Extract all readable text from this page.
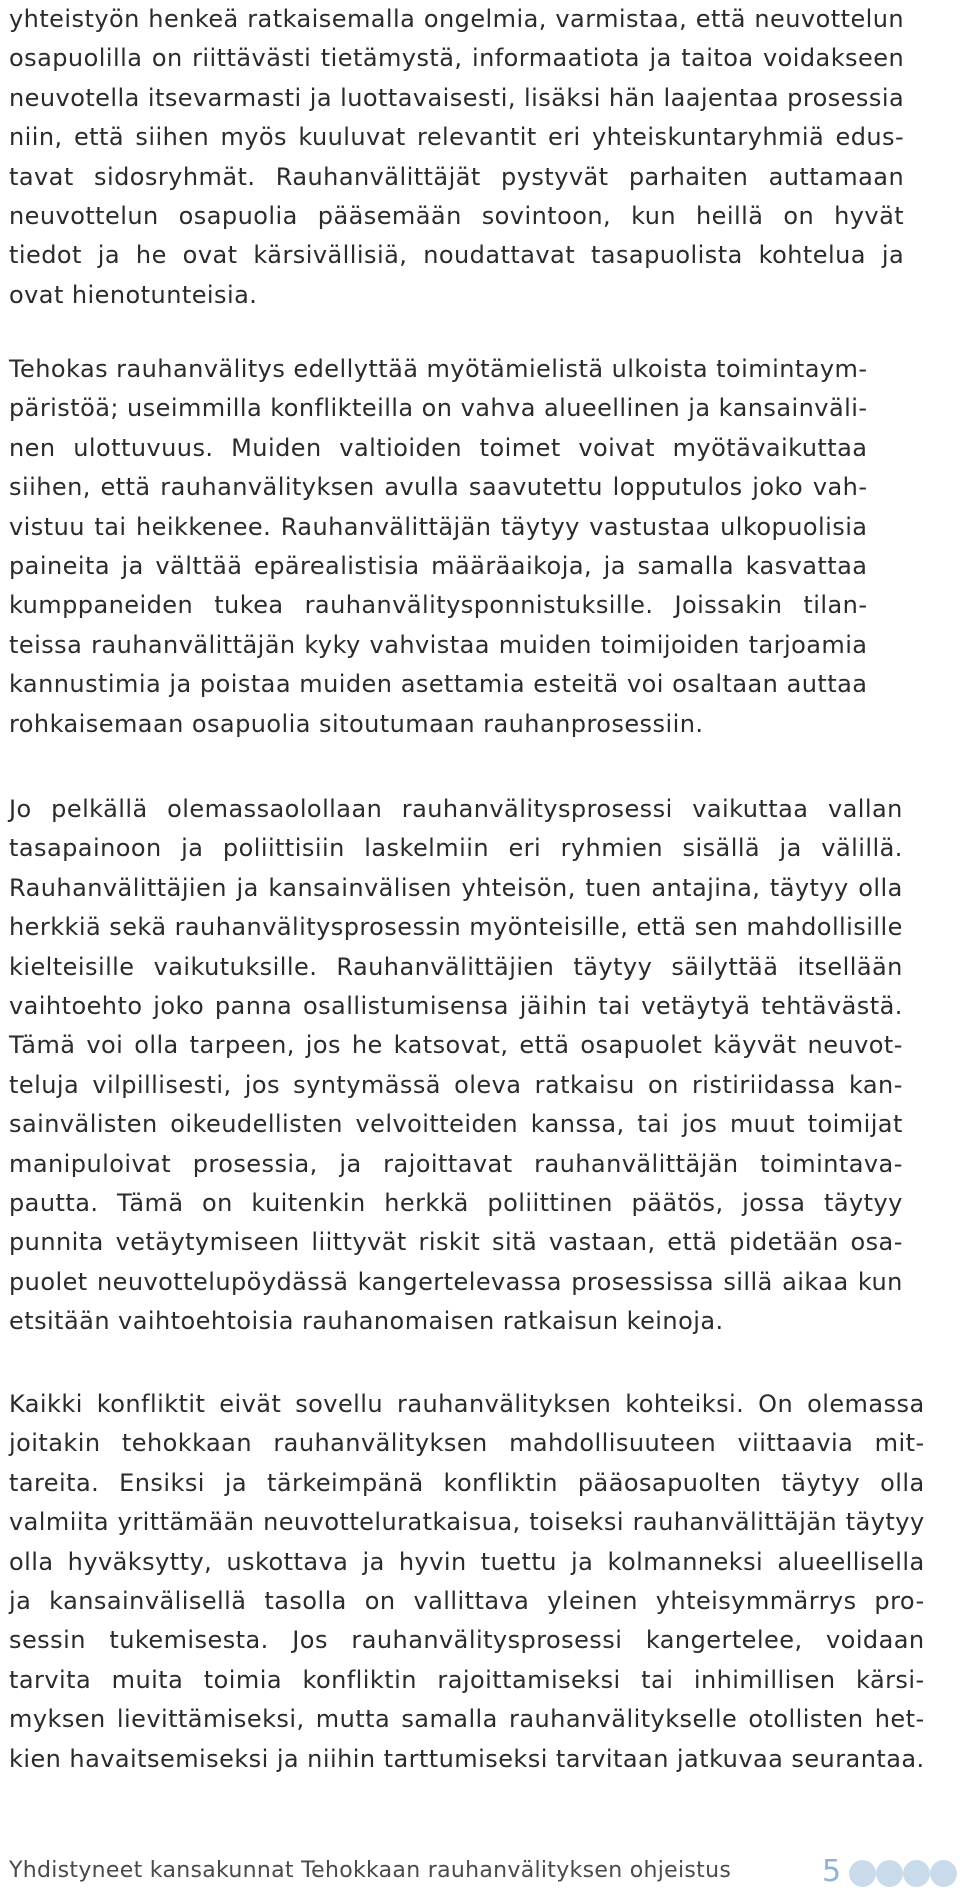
yhteistyön henkeä ratkaisemalla ongelmia, varmistaa, että neuvottelun
osapuolilla on riittävästi tietämystä, informaatiota ja taitoa voidakseen
neuvotella itsevarmasti ja luottavaisesti, lisäksi hän laajentaa prosessia
niin, että siihen myös kuuluvat relevantit eri yhteiskuntaryhmiä edus-
tavat sidosryhmät. Rauhanvälittäjät pystyvät parhaiten auttamaan
neuvottelun osapuolia pääsemään sovintoon, kun heillä on hyvät
tiedot ja he ovat kärsivällisiä, noudattavat tasapuolista kohtelua ja
ovat hienotunteisia.

Tehokas rauhanvälitys edellyttää myötämielistä ulkoista toimintaym-
päristöä; useimmilla konflikteilla on vahva alueellinen ja kansainväli-
nen ulottuvuus. Muiden valtioiden toimet voivat myötävaikuttaa
siihen, että rauhanvälityksen avulla saavutettu lopputulos joko vah-
vistuu tai heikkenee. Rauhanvälittäjän täytyy vastustaa ulkopuolisia
paineita ja välttää epärealistisia määräaikoja, ja samalla kasvattaa
kumppaneiden tukea rauhanvälitysponnistuksille. Joissakin tilan-
teissa rauhanvälittäjän kyky vahvistaa muiden toimijoiden tarjoamia
kannustimia ja poistaa muiden asettamia esteitä voi osaltaan auttaa
rohkaisemaan osapuolia sitoutumaan rauhanprosessiin.

Jo pelkällä olemassaolollaan rauhanvälitysprosessi vaikuttaa vallan
tasapainoon ja poliittisiin laskelmiin eri ryhmien sisällä ja välillä.
Rauhanvälittäjien ja kansainvälisen yhteisön, tuen antajina, täytyy olla
herkkiä sekä rauhanvälitysprosessin myönteisille, että sen mahdollisille
kielteisille vaikutuksille. Rauhanvälittäjien täytyy säilyttää itsellään
vaihtoehto joko panna osallistumisensa jäihin tai vetäytyä tehtävästä.
Tämä voi olla tarpeen, jos he katsovat, että osapuolet käyvät neuvot-
teluja vilpillisesti, jos syntymässä oleva ratkaisu on ristiriidassa kan-
sainvälisten oikeudellisten velvoitteiden kanssa, tai jos muut toimijat
manipuloivat prosessia, ja rajoittavat rauhanvälittäjän toimintava-
pautta. Tämä on kuitenkin herkkä poliittinen päätös, jossa täytyy
punnita vetäytymiseen liittyvät riskit sitä vastaan, että pidetään osa-
puolet neuvottelupöydässä kangertelevassa prosessissa sillä aikaa kun
etsitään vaihtoehtoisia rauhanomaisen ratkaisun keinoja.

Kaikki konfliktit eivät sovellu rauhanvälityksen kohteiksi. On olemassa
joitakin tehokkaan rauhanvälityksen mahdollisuuteen viittaavia mit-
tareita. Ensiksi ja tärkeimpänä konfliktin pääosapuolten täytyy olla
valmiita yrittämään neuvotteluratkaisua, toiseksi rauhanvälittäjän täytyy
olla hyväksytty, uskottava ja hyvin tuettu ja kolmanneksi alueellisella
ja kansainvälisellä tasolla on vallittava yleinen yhteisymmärrys pro-
sessin tukemisesta. Jos rauhanvälitysprosessi kangertelee, voidaan
tarvita muita toimia konfliktin rajoittamiseksi tai inhimillisen kärsi-
myksen lievittämiseksi, mutta samalla rauhanvälitykselle otollisten het-
kien havaitsemiseksi ja niihin tarttumiseksi tarvitaan jatkuvaa seurantaa.

Yhdistyneet kansakunnat Tehokkaan rauhanvälityksen ohjeistus	5
